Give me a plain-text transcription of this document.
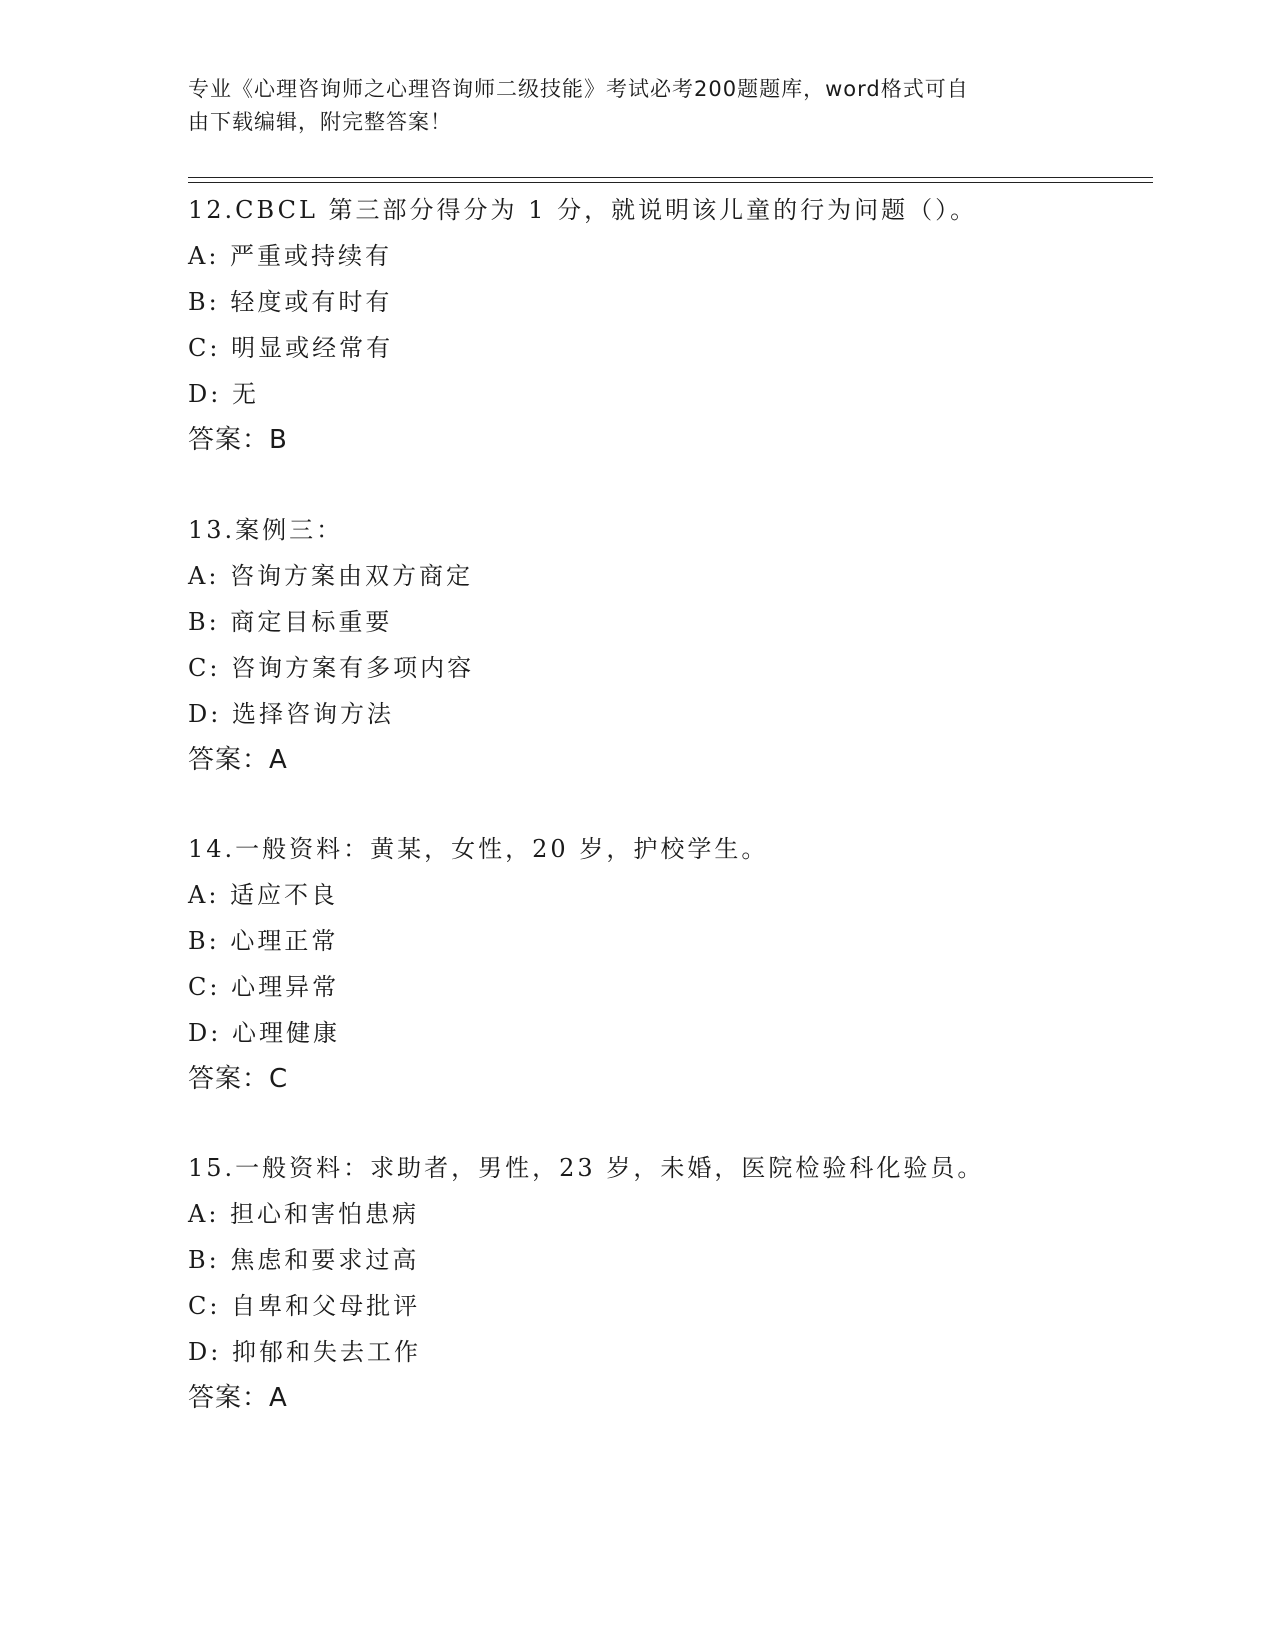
专业《心理咨询师之心理咨询师二级技能》考试必考200题题库，word格式可自
由下载编辑，附完整答案！
12.CBCL 第三部分得分为 1 分，就说明该儿童的行为问题（）。
A: 严重或持续有
B: 轻度或有时有
C: 明显或经常有
D: 无
答案：B
13.案例三：
A: 咨询方案由双方商定
B: 商定目标重要
C: 咨询方案有多项内容
D: 选择咨询方法
答案：A
14.一般资料：黄某，女性，20 岁，护校学生。
A: 适应不良
B: 心理正常
C: 心理异常
D: 心理健康
答案：C
15.一般资料：求助者，男性，23 岁，未婚，医院检验科化验员。
A: 担心和害怕患病
B: 焦虑和要求过高
C: 自卑和父母批评
D: 抑郁和失去工作
答案：A
